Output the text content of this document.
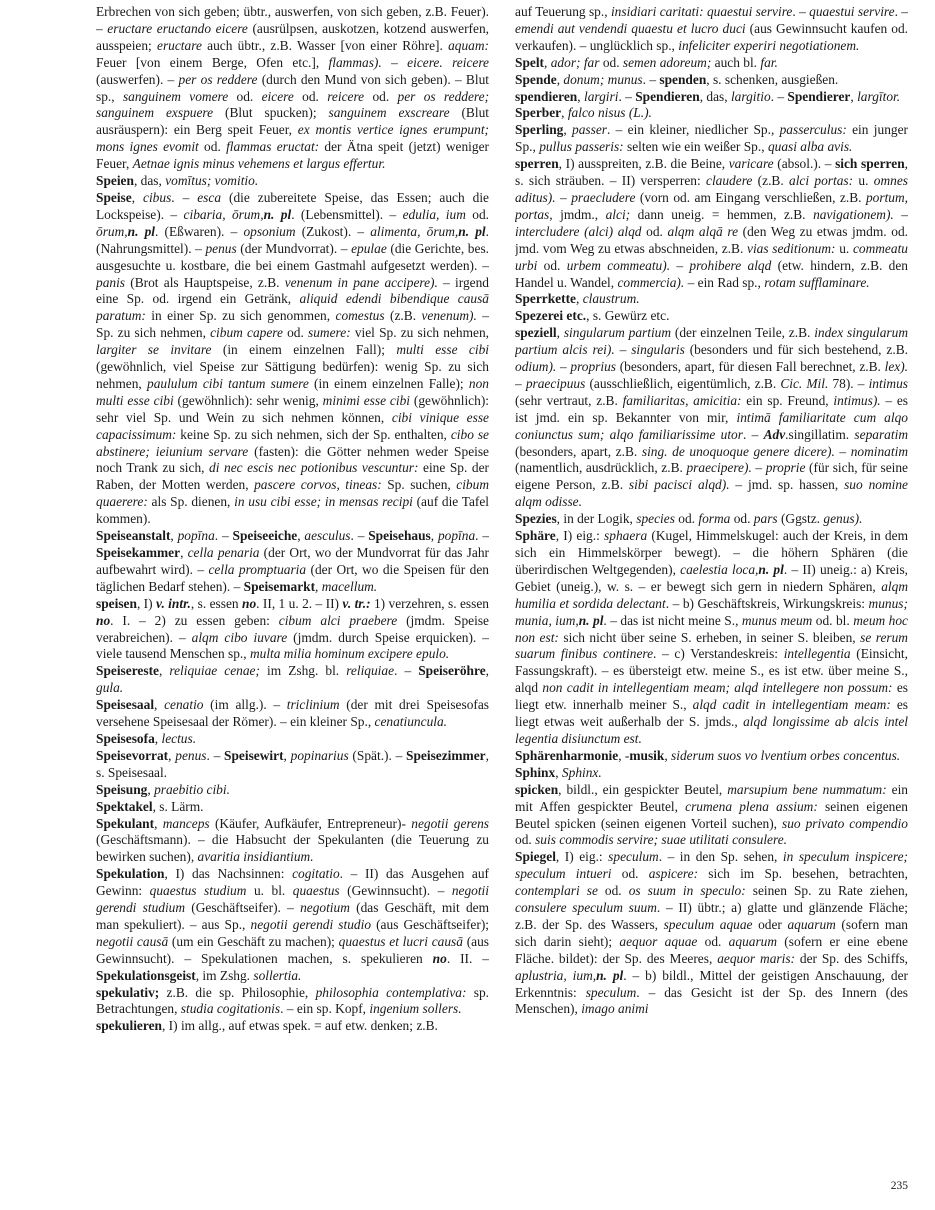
Erbrechen von sich geben; übtr., auswerfen, von sich geben, z.B. Feuer). – eructare eructando eicere (ausrülpsen, auskotzen, kotzend auswerfen, ausspeien; eructare auch übtr., z.B. Wasser [von einer Röhre]. aquam: Feuer [von einem Berge, Ofen etc.], flammas). – eicere. reicere (auswerfen). – per os reddere (durch den Mund von sich geben). – Blut sp., sanguinem vomere od. eicere od. reicere od. per os reddere; sanguinem exspuere (Blut spucken); sanguinem exscreare (Blut ausräuspern): ein Berg speit Feuer, ex montis vertice ignes erumpunt; mons ignes evomit od. flammas eructat: der Ätna speit (jetzt) weniger Feuer, Aetnae ignis minus vehemens et largus effertur.

Speien, das, vomītus; vomitio.

Speise, cibus. – esca (die zubereitete Speise, das Essen; auch die Lockspeise). – cibaria, ōrum,n. pl. (Lebensmittel). – edulia, ium od. ōrum,n. pl. (Eßwaren). – opsonium (Zukost). – alimenta, ōrum,n. pl. (Nahrungsmittel). – penus (der Mundvorrat). – epulae (die Gerichte, bes. ausgesuchte u. kostbare, die bei einem Gastmahl aufgesetzt werden). – panis (Brot als Hauptspeise, z.B. venenum in pane accipere). – irgend eine Sp. od. irgend ein Getränk, aliquid edendi bibendique causā paratum: in einer Sp. zu sich genommen, comestus (z.B. venenum). – Sp. zu sich nehmen, cibum capere od. sumere: viel Sp. zu sich nehmen, largiter se invitare (in einem einzelnen Fall); multi esse cibi (gewöhnlich, viel Speise zur Sättigung bedürfen): wenig Sp. zu sich nehmen, paululum cibi tantum sumere (in einem einzelnen Falle); non multi esse cibi (gewöhnlich): sehr wenig, minimi esse cibi (gewöhnlich): sehr viel Sp. und Wein zu sich nehmen können, cibi vinique esse capacissimum: keine Sp. zu sich nehmen, sich der Sp. enthalten, cibo se abstinere; ieiunium servare (fasten): die Götter nehmen weder Speise noch Trank zu sich, di nec escis nec potionibus vescuntur: eine Sp. der Raben, der Motten werden, pascere corvos, tineas: Sp. suchen, cibum quaerere: als Sp. dienen, in usu cibi esse; in mensas recipi (auf die Tafel kommen).

Speiseanstalt, popīna. – Speiseeiche, aesculus. – Speisehaus, popīna. – Speisekammer, cella penaria (der Ort, wo der Mundvorrat für das Jahr aufbewahrt wird). – cella promptuaria (der Ort, wo die Speisen für den täglichen Bedarf stehen). – Speisemarkt, macellum.

speisen, I) v. intr., s. essen no. II, 1 u. 2. – II) v. tr.: 1) verzehren, s. essen no. I. – 2) zu essen geben: cibum alci praebere (jmdm. Speise verabreichen). – alqm cibo iuvare (jmdm. durch Speise erquicken). – viele tausend Menschen sp., multa milia hominum excipere epulo.

Speisereste, reliquiae cenae; im Zshg. bl. reliquiae. – Speiseröhre, gula.

Speisesaal, cenatio (im allg.). – triclinium (der mit drei Speisesofas versehene Speisesaal der Römer). – ein kleiner Sp., cenatiuncula.

Speisesofa, lectus.

Speisevorrat, penus. – Speisewirt, popinarius (Spät.). – Speisezimmer, s. Speisesaal.

Speisung, praebitio cibi.

Spektakel, s. Lärm.

Spekulant, manceps (Käufer, Aufkäufer, Entrepreneur)- negotii gerens (Geschäftsmann). – die Habsucht der Spekulanten (die Teuerung zu bewirken suchen), avaritia insidiantium.

Spekulation, I) das Nachsinnen: cogitatio. – II) das Ausgehen auf Gewinn: quaestus studium u. bl. quaestus (Gewinnsucht). – negotii gerendi studium (Geschäftseifer). – negotium (das Geschäft, mit dem man spekuliert). – aus Sp., negotii gerendi studio (aus Geschäftseifer); negotii causā (um ein Geschäft zu machen); quaestus et lucri causā (aus Gewinnsucht). – Spekulationen machen, s. spekulieren no. II. – Spekulationsgeist, im Zshg. sollertia.

spekulativ; z.B. die sp. Philosophie, philosophia contemplativa: sp. Betrachtungen, studia cogitationis. – ein sp. Kopf, ingenium sollers.

spekulieren, I) im allg., auf etwas spek. = auf etw. denken; z.B.

auf Teuerung sp., insidiari caritati: quaestui servire. – quaestui servire. – emendi aut vendendi quaestu et lucro duci (aus Gewinnsucht kaufen od. verkaufen). – unglücklich sp., infeliciter experiri negotiationem.

Spelt, ador; far od. semen adoreum; auch bl. far.

Spende, donum; munus. – spenden, s. schenken, ausgießen.

spendieren, largiri. – Spendieren, das, largitio. – Spendierer, largītor.

Sperber, falco nisus (L.).

Sperling, passer. – ein kleiner, niedlicher Sp., passerculus: ein junger Sp., pullus passeris: selten wie ein weißer Sp., quasi alba avis.

sperren, I) ausspreiten, z.B. die Beine, varicare (absol.). – sich sperren, s. sich sträuben. – II) versperren: claudere (z.B. alci portas: u. omnes aditus). – praecludere (vorn od. am Eingang verschließen, z.B. portum, portas, jmdm., alci; dann uneig. = hemmen, z.B. navigationem). – intercludere (alci) alqd od. alqm alqā re (den Weg zu etwas jmdm. od. jmd. vom Weg zu etwas abschneiden, z.B. vias seditionum: u. commeatu urbi od. urbem commeatu). – prohibere alqd (etw. hindern, z.B. den Handel u. Wandel, commercia). – ein Rad sp., rotam sufflaminare.

Sperrkette, claustrum.

Spezerei etc., s. Gewürz etc.

speziell, singularum partium (der einzelnen Teile, z.B. index singularum partium alcis rei). – singularis (besonders und für sich bestehend, z.B. odium). – proprius (besonders, apart, für diesen Fall berechnet, z.B. lex). – praecipuus (ausschließlich, eigentümlich, z.B. Cic. Mil. 78). – intimus (sehr vertraut, z.B. familiaritas, amicitia: ein sp. Freund, intimus). – es ist jmd. ein sp. Bekannter von mir, intimā familiaritate cum alqo coniunctus sum; alqo familiarissime utor. – Adv.singillatim. separatim (besonders, apart, z.B. sing. de unoquoque genere dicere). – nominatim (namentlich, ausdrücklich, z.B. praecipere). – proprie (für sich, für seine eigene Person, z.B. sibi pacisci alqd). – jmd. sp. hassen, suo nomine alqm odisse.

Spezies, in der Logik, species od. forma od. pars (Ggstz. genus).

Sphäre, I) eig.: sphaera (Kugel, Himmelskugel: auch der Kreis, in dem sich ein Himmelskörper bewegt). – die höhern Sphären (die überirdischen Weltgegenden), caelestia loca,n. pl. – II) uneig.: a) Kreis, Gebiet (uneig.), w. s. – er bewegt sich gern in niedern Sphären, alqm humilia et sordida delectant. – b) Geschäftskreis, Wirkungskreis: munus; munia, ium,n. pl. – das ist nicht meine S., munus meum od. bl. meum hoc non est: sich nicht über seine S. erheben, in seiner S. bleiben, se rerum suarum finibus continere. – c) Verstandeskreis: intellegentia (Einsicht, Fassungskraft). – es übersteigt etw. meine S., es ist etw. über meine S., alqd non cadit in intellegentiam meam; alqd intellegere non possum: es liegt etw. innerhalb meiner S., alqd cadit in intellegentiam meam: es liegt etwas weit außerhalb der S. jmds., alqd longissime ab alcis intel legentia disiunctum est.

Sphärenharmonie, -musik, siderum suos vo lventium orbes concentus.

Sphinx, Sphinx.

spicken, bildl., ein gespickter Beutel, marsupium bene nummatum: ein mit Affen gespickter Beutel, crumena plena assium: seinen eigenen Beutel spicken (seinen eigenen Vorteil suchen), suo privato compendio od. suis commodis servire; suae utilitati consulere.

Spiegel, I) eig.: speculum. – in den Sp. sehen, in speculum inspicere; speculum intueri od. aspicere: sich im Sp. besehen, betrachten, contemplari se od. os suum in speculo: seinen Sp. zu Rate ziehen, consulere speculum suum. – II) übtr.; a) glatte und glänzende Fläche; z.B. der Sp. des Wassers, speculum aquae oder aquarum (sofern man sich darin sieht); aequor aquae od. aquarum (sofern er eine ebene Fläche. bildet): der Sp. des Meeres, aequor maris: der Sp. des Schiffs, aplustria, ium,n. pl. – b) bildl., Mittel der geistigen Anschauung, der Erkenntnis: speculum. – das Gesicht ist der Sp. des Innern (des Menschen), imago animi

235
